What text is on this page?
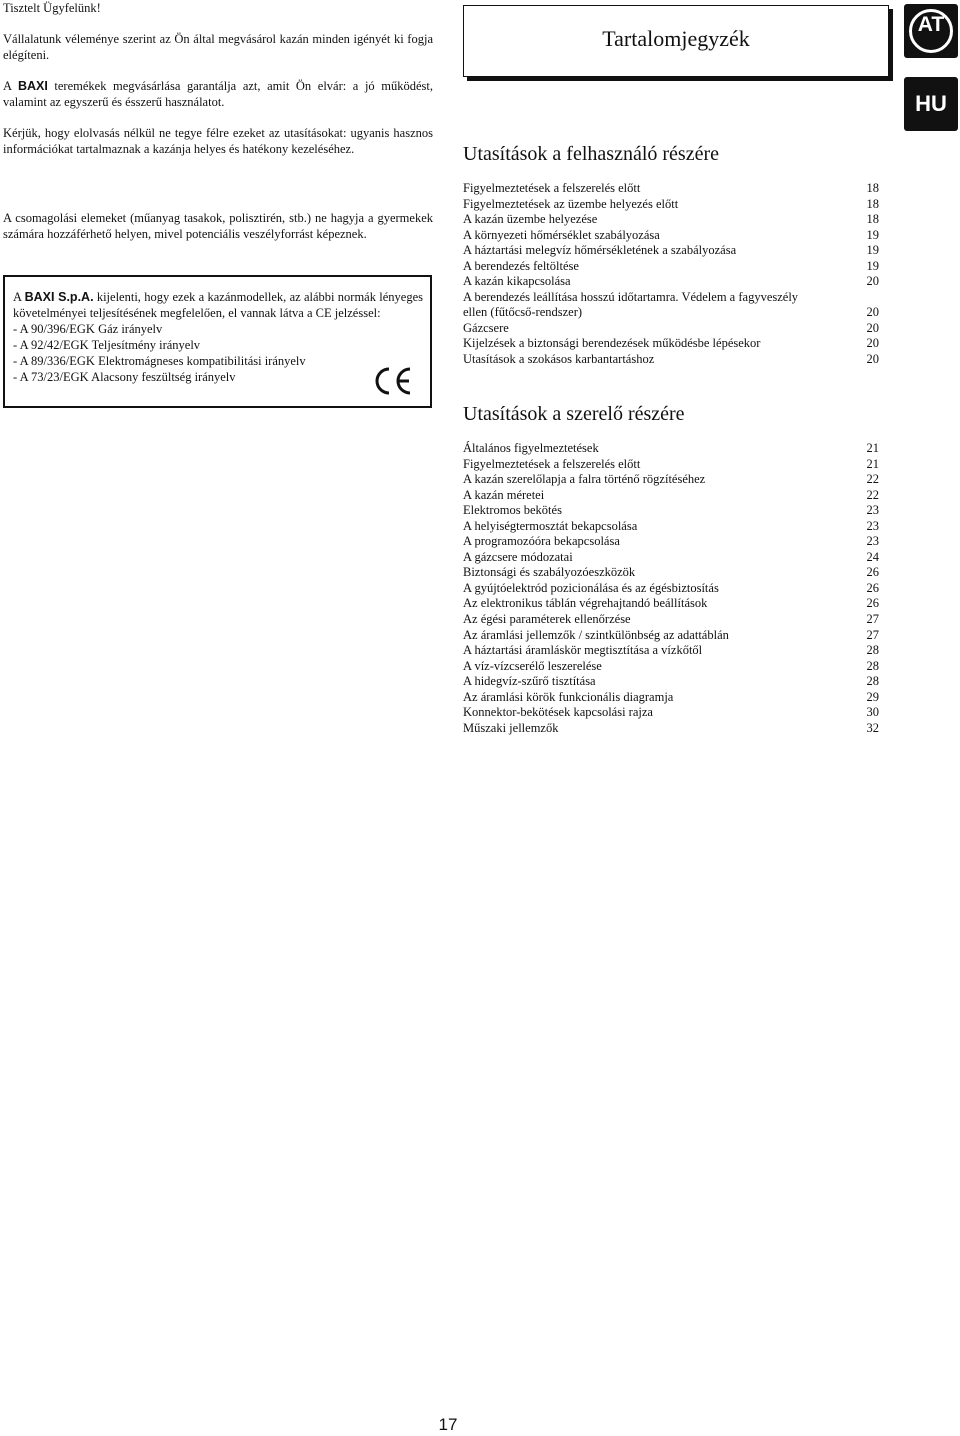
Tisztelt Ügyfelünk!

Vállalatunk véleménye szerint az Ön által megvásárol kazán minden igényét ki fogja elégíteni.

A BAXI teremékek megvásárlása garantálja azt, amit Ön elvár: a jó működést, valamint az egyszerű és ésszerű használatot.

Kérjük, hogy elolvasás nélkül ne tegye félre ezeket az utasításokat: ugyanis hasznos információkat tartalmaznak a kazánja helyes és hatékony kezeléséhez.

A csomagolási elemeket (műanyag tasakok, polisztirén, stb.) ne hagyja a gyermekek számára hozzáférhető helyen, mivel potenciális veszélyforrást képeznek.

A BAXI S.p.A. kijelenti, hogy ezek a kazánmodellek, az alábbi normák lényeges követelményei teljesítésének megfelelően, el vannak látva a CE jelzéssel:

- A 90/396/EGK Gáz irányelv
- A 92/42/EGK Teljesítmény irányelv
- A 89/336/EGK Elektromágneses kompatibilitási irányelv
- A 73/23/EGK Alacsony feszültség irányelv
Tartalomjegyzék
AT
HU
Utasítások a felhasználó részére
Figyelmeztetések a felszerelés előtt	18
Figyelmeztetések az üzembe helyezés előtt	18
A kazán üzembe helyezése	18
A környezeti hőmérséklet szabályozása	19
A háztartási melegvíz hőmérsékletének a szabályozása	19
A berendezés feltöltése	19
A kazán kikapcsolása	20
A berendezés leállítása hosszú időtartamra. Védelem a fagyveszély
ellen (fűtőcső-rendszer)	20
Gázcsere	20
Kijelzések a biztonsági berendezések működésbe lépésekor	20
Utasítások a szokásos karbantartáshoz	20
Utasítások a szerelő részére
Általános figyelmeztetések	21
Figyelmeztetések a felszerelés előtt	21
A kazán szerelőlapja a falra történő rögzítéséhez	22
A kazán méretei	22
Elektromos bekötés	23
A helyiségtermosztát bekapcsolása	23
A programozóóra bekapcsolása	23
A gázcsere módozatai	24
Biztonsági és szabályozóeszközök	26
A gyújtóelektród pozicionálása és az égésbiztosítás	26
Az elektronikus táblán végrehajtandó beállítások	26
Az égési paraméterek ellenőrzése	27
Az áramlási jellemzők / szintkülönbség az adattáblán	27
A háztartási áramláskör megtisztítása a vízkőtől	28
A víz-vízcserélő leszerelése	28
A hidegvíz-szűrő tisztítása	28
Az áramlási körök funkcionális diagramja	29
Konnektor-bekötések kapcsolási rajza	30
Műszaki jellemzők	32
17
